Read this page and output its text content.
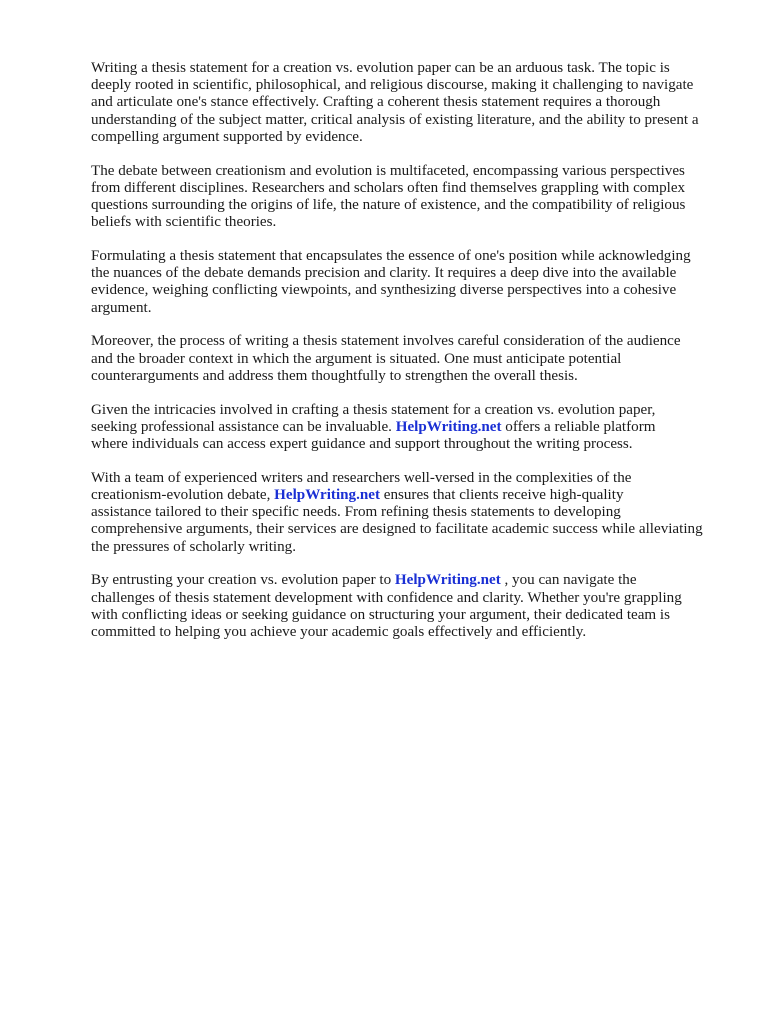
Writing a thesis statement for a creation vs. evolution paper can be an arduous task. The topic is
deeply rooted in scientific, philosophical, and religious discourse, making it challenging to navigate
and articulate one's stance effectively. Crafting a coherent thesis statement requires a thorough
understanding of the subject matter, critical analysis of existing literature, and the ability to present a
compelling argument supported by evidence.

The debate between creationism and evolution is multifaceted, encompassing various perspectives
from different disciplines. Researchers and scholars often find themselves grappling with complex
questions surrounding the origins of life, the nature of existence, and the compatibility of religious
beliefs with scientific theories.

Formulating a thesis statement that encapsulates the essence of one's position while acknowledging
the nuances of the debate demands precision and clarity. It requires a deep dive into the available
evidence, weighing conflicting viewpoints, and synthesizing diverse perspectives into a cohesive
argument.

Moreover, the process of writing a thesis statement involves careful consideration of the audience
and the broader context in which the argument is situated. One must anticipate potential
counterarguments and address them thoughtfully to strengthen the overall thesis.

Given the intricacies involved in crafting a thesis statement for a creation vs. evolution paper,
seeking professional assistance can be invaluable. HelpWriting.net offers a reliable platform
where individuals can access expert guidance and support throughout the writing process.

With a team of experienced writers and researchers well-versed in the complexities of the
creationism-evolution debate, HelpWriting.net ensures that clients receive high-quality
assistance tailored to their specific needs. From refining thesis statements to developing
comprehensive arguments, their services are designed to facilitate academic success while alleviating
the pressures of scholarly writing.

By entrusting your creation vs. evolution paper to HelpWriting.net , you can navigate the
challenges of thesis statement development with confidence and clarity. Whether you're grappling
with conflicting ideas or seeking guidance on structuring your argument, their dedicated team is
committed to helping you achieve your academic goals effectively and efficiently.
